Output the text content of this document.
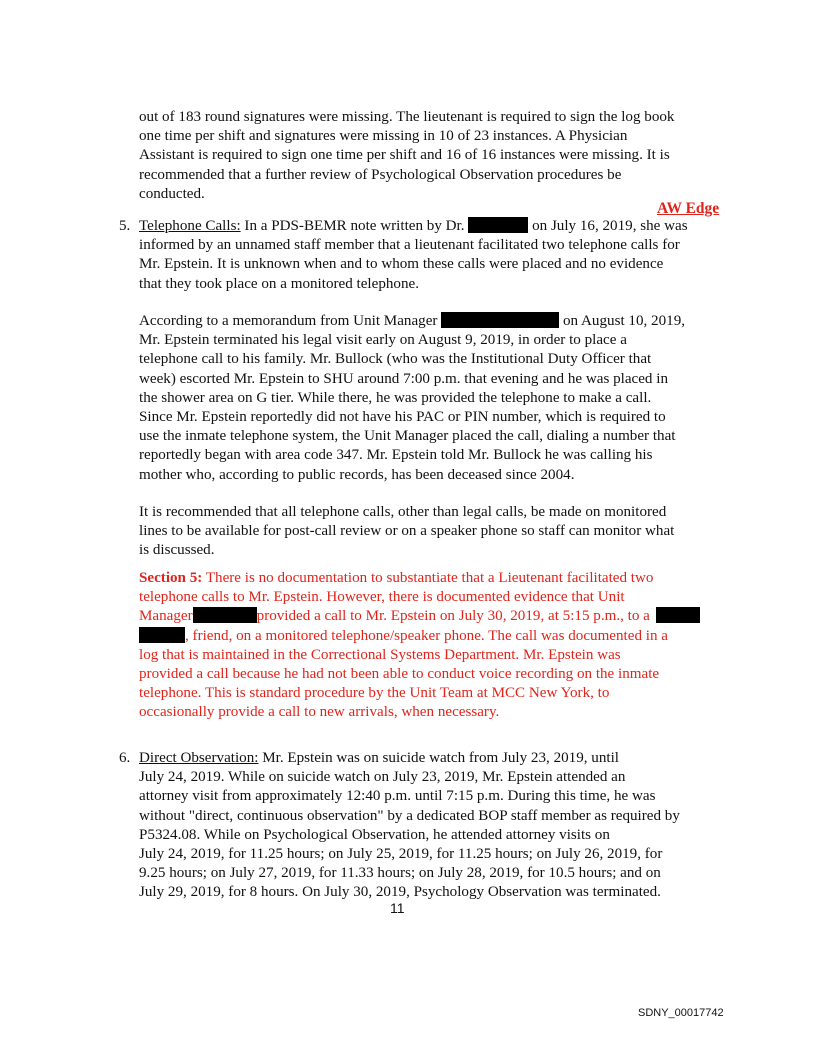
out of 183 round signatures were missing. The lieutenant is required to sign the log book
one time per shift and signatures were missing in 10 of 23 instances. A Physician
Assistant is required to sign one time per shift and 16 of 16 instances were missing. It is
recommended that a further review of Psychological Observation procedures be
conducted.
AW Edge
5. Telephone Calls: In a PDS-BEMR note written by Dr.	on July 16, 2019, she was
informed by an unnamed staff member that a lieutenant facilitated two telephone calls for
Mr. Epstein. It is unknown when and to whom these calls were placed and no evidence
that they took place on a monitored telephone.
According to a memorandum from Unit Manager	on August 10, 2019,
Mr. Epstein terminated his legal visit early on August 9, 2019, in order to place a
telephone call to his family. Mr. Bullock (who was the Institutional Duty Officer that
week) escorted Mr. Epstein to SHU around 7:00 p.m. that evening and he was placed in
the shower area on G tier. While there, he was provided the telephone to make a call.
Since Mr. Epstein reportedly did not have his PAC or PIN number, which is required to
use the inmate telephone system, the Unit Manager placed the call, dialing a number that
reportedly began with area code 347. Mr. Epstein told Mr. Bullock he was calling his
mother who, according to public records, has been deceased since 2004.
It is recommended that all telephone calls, other than legal calls, be made on monitored
lines to be available for post-call review or on a speaker phone so staff can monitor what
is discussed.
Section 5: There is no documentation to substantiate that a Lieutenant facilitated two
telephone calls to Mr. Epstein. However, there is documented evidence that Unit
Manager	provided a call to Mr. Epstein on July 30, 2019, at 5:15 p.m., to a
, friend, on a monitored telephone/speaker phone. The call was documented in a
log that is maintained in the Correctional Systems Department. Mr. Epstein was
provided a call because he had not been able to conduct voice recording on the inmate
telephone. This is standard procedure by the Unit Team at MCC New York, to
occasionally provide a call to new arrivals, when necessary.
6. Direct Observation: Mr. Epstein was on suicide watch from July 23, 2019, until
July 24, 2019. While on suicide watch on July 23, 2019, Mr. Epstein attended an
attorney visit from approximately 12:40 p.m. until 7:15 p.m. During this time, he was
without "direct, continuous observation" by a dedicated BOP staff member as required by
P5324.08. While on Psychological Observation, he attended attorney visits on
July 24, 2019, for 11.25 hours; on July 25, 2019, for 11.25 hours; on July 26, 2019, for
9.25 hours; on July 27, 2019, for 11.33 hours; on July 28, 2019, for 10.5 hours; and on
July 29, 2019, for 8 hours. On July 30, 2019, Psychology Observation was terminated.
11
SDNY_00017742
